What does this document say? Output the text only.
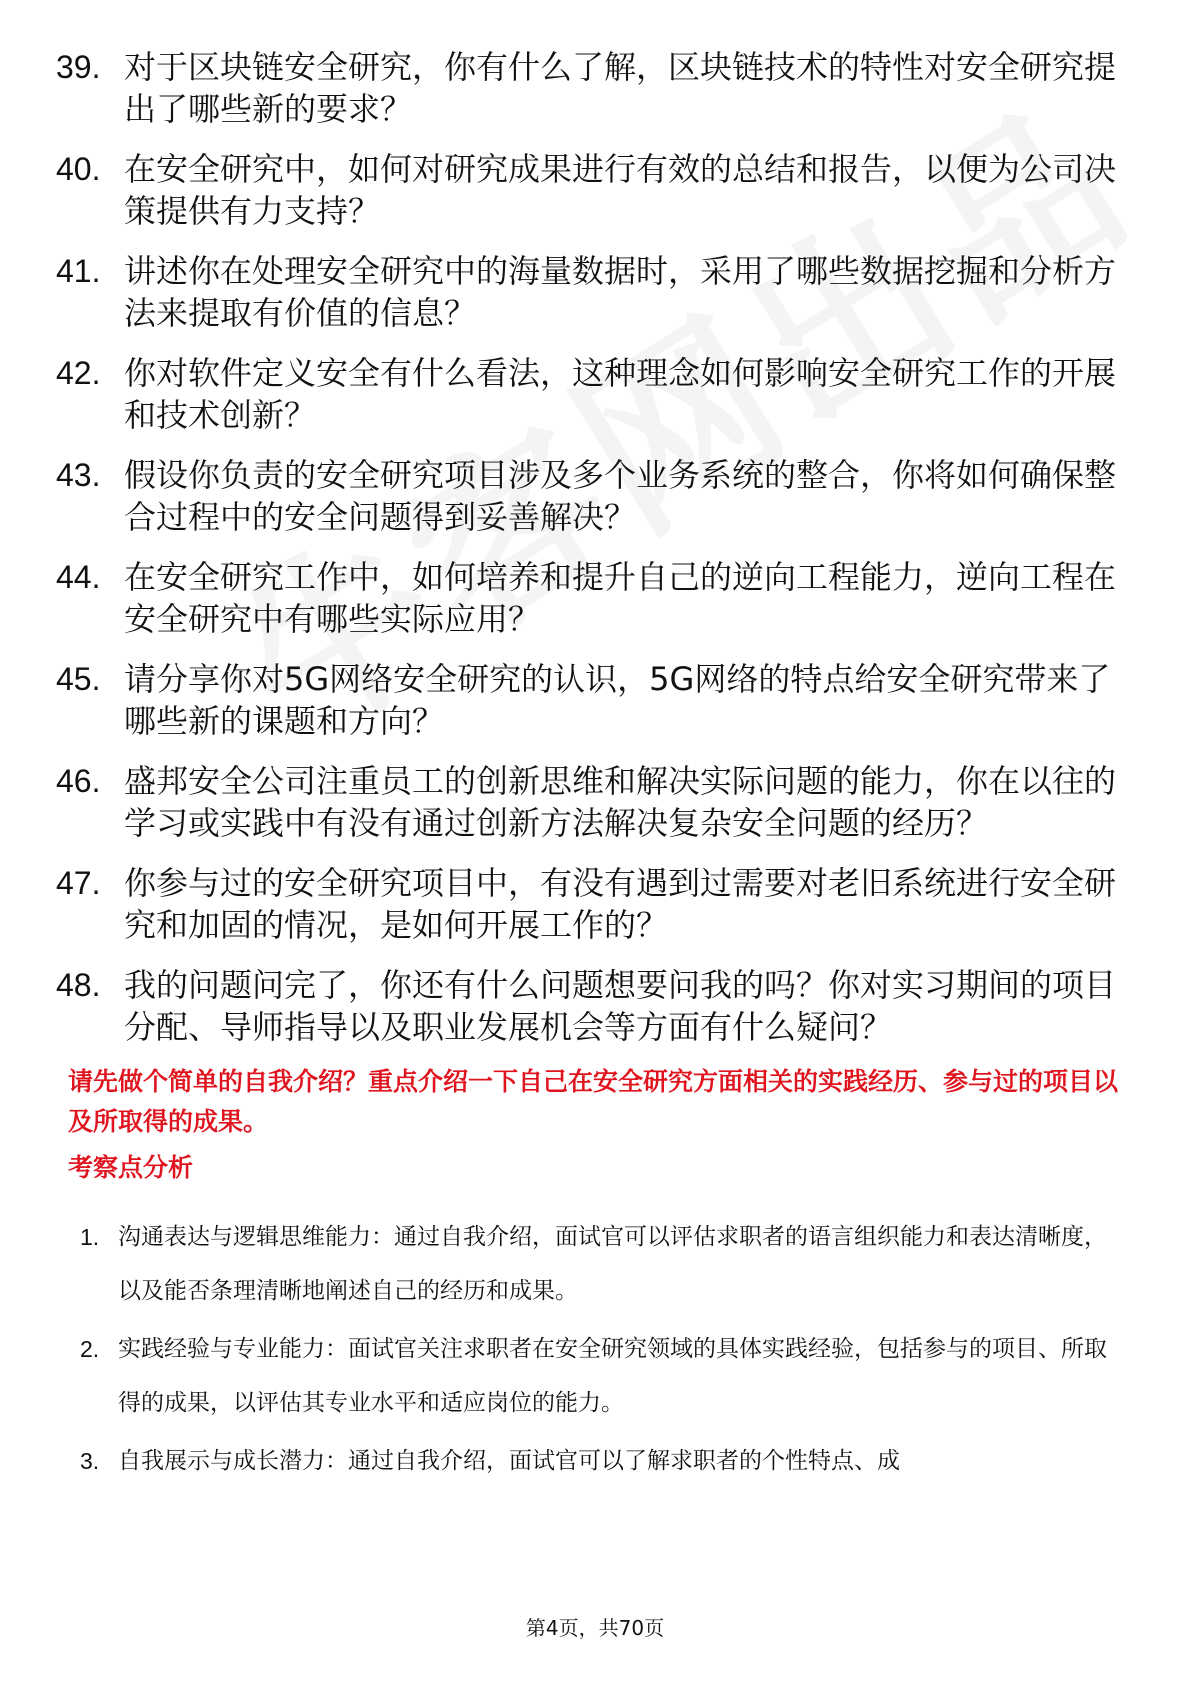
39. 对于区块链安全研究，你有什么了解，区块链技术的特性对安全研究提出了哪些新的要求？
40. 在安全研究中，如何对研究成果进行有效的总结和报告，以便为公司决策提供有力支持？
41. 讲述你在处理安全研究中的海量数据时，采用了哪些数据挖掘和分析方法来提取有价值的信息？
42. 你对软件定义安全有什么看法，这种理念如何影响安全研究工作的开展和技术创新？
43. 假设你负责的安全研究项目涉及多个业务系统的整合，你将如何确保整合过程中的安全问题得到妥善解决？
44. 在安全研究工作中，如何培养和提升自己的逆向工程能力，逆向工程在安全研究中有哪些实际应用？
45. 请分享你对5G网络安全研究的认识，5G网络的特点给安全研究带来了哪些新的课题和方向？
46. 盛邦安全公司注重员工的创新思维和解决实际问题的能力，你在以往的学习或实践中有没有通过创新方法解决复杂安全问题的经历？
47. 你参与过的安全研究项目中，有没有遇到过需要对老旧系统进行安全研究和加固的情况，是如何开展工作的？
48. 我的问题问完了，你还有什么问题想要问我的吗？你对实习期间的项目分配、导师指导以及职业发展机会等方面有什么疑问？
请先做个简单的自我介绍？重点介绍一下自己在安全研究方面相关的实践经历、参与过的项目以及所取得的成果。
考察点分析
1. 沟通表达与逻辑思维能力：通过自我介绍，面试官可以评估求职者的语言组织能力和表达清晰度，以及能否条理清晰地阐述自己的经历和成果。
2. 实践经验与专业能力：面试官关注求职者在安全研究领域的具体实践经验，包括参与的项目、所取得的成果，以评估其专业水平和适应岗位的能力。
3. 自我展示与成长潜力：通过自我介绍，面试官可以了解求职者的个性特点、成
第4页，共70页
